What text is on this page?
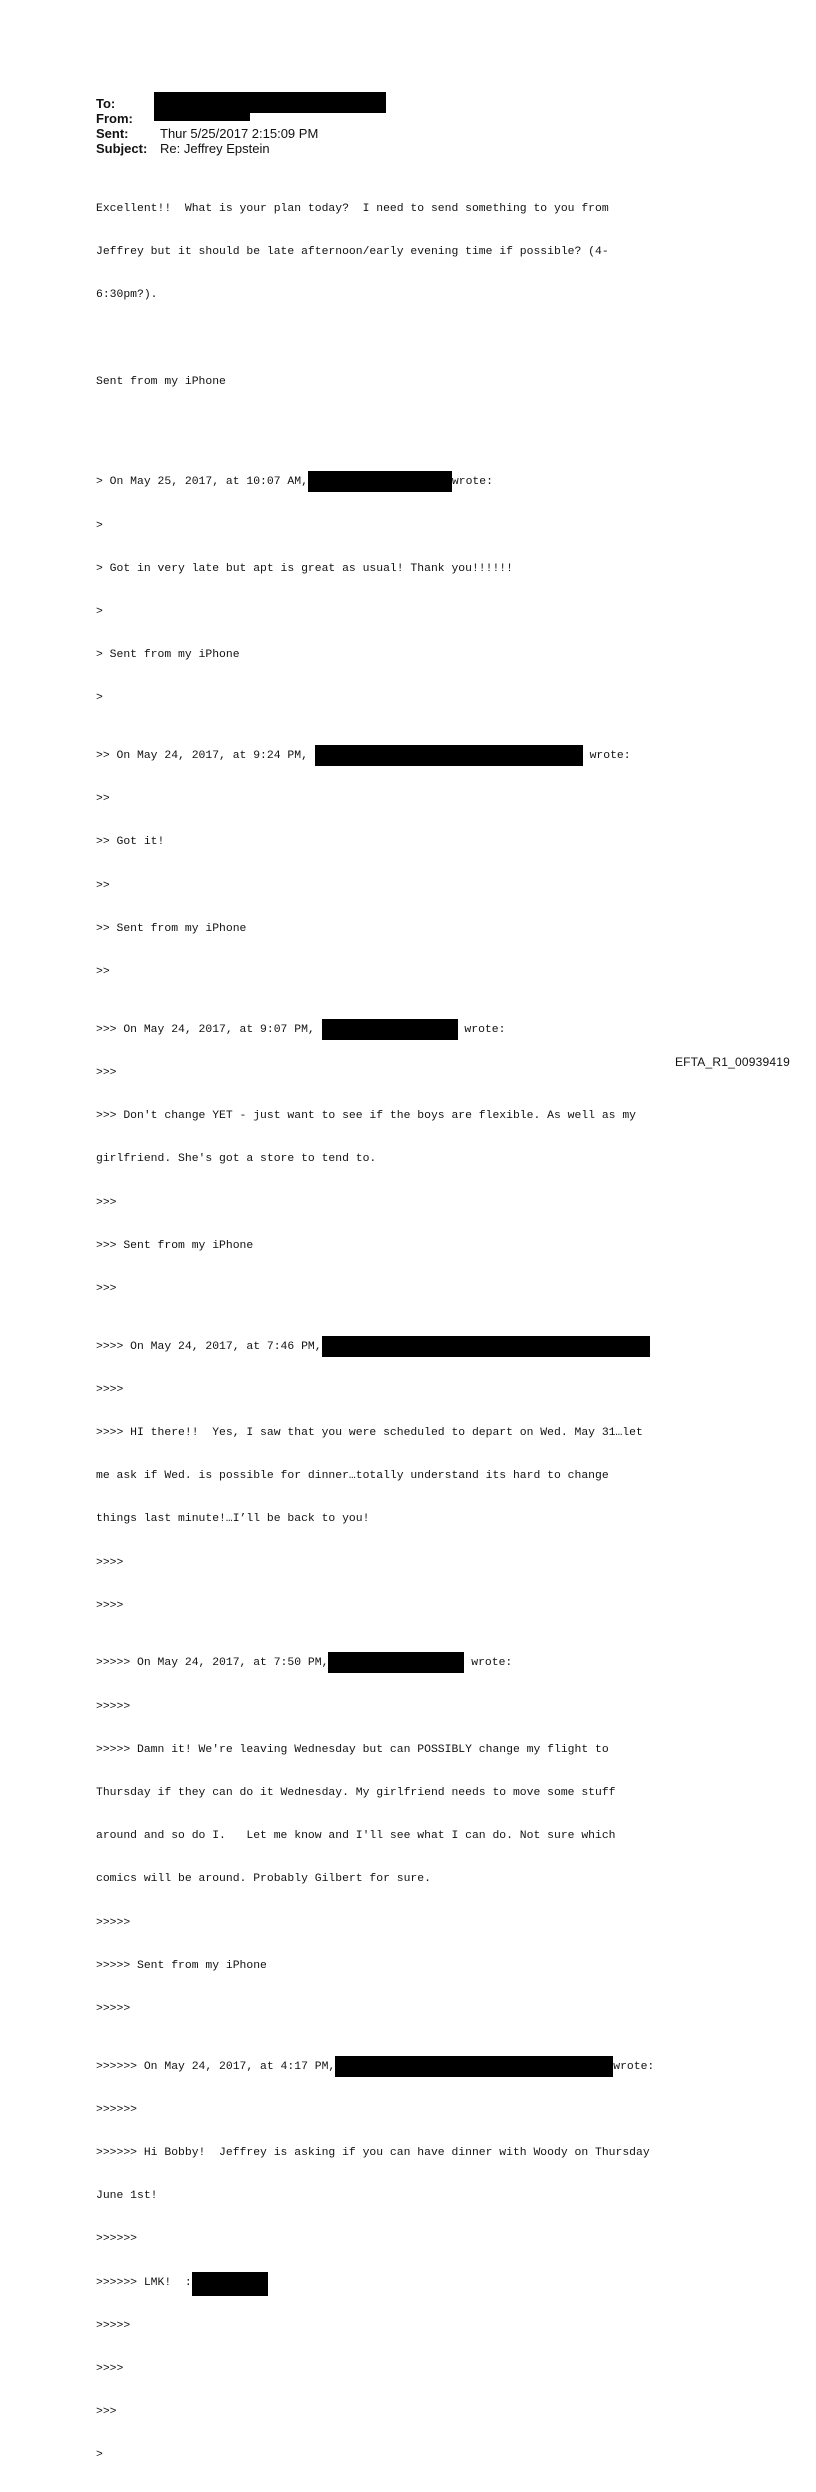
To:
From:
Sent: Thur 5/25/2017 2:15:09 PM
Subject: Re: Jeffrey Epstein

Excellent!!  What is your plan today?  I need to send something to you from

Jeffrey but it should be late afternoon/early evening time if possible? (4-

6:30pm?).

Sent from my iPhone

> On May 25, 2017, at 10:07 AM,	wrote:

>

> Got in very late but apt is great as usual! Thank you!!!!!!

>

> Sent from my iPhone

>

>> On May 24, 2017, at 9:24 PM,	wrote:

>>

>> Got it!

>>

>> Sent from my iPhone

>>

>>> On May 24, 2017, at 9:07 PM,	wrote:

>>>

>>> Don't change YET - just want to see if the boys are flexible. As well as my

girlfriend. She's got a store to tend to.

>>>

>>> Sent from my iPhone

>>>

>>>> On May 24, 2017, at 7:46 PM,

>>>>

>>>> HI there!!  Yes, I saw that you were scheduled to depart on Wed. May 31…let

me ask if Wed. is possible for dinner…totally understand its hard to change

things last minute!…I’ll be back to you!

>>>>

>>>>

>>>>> On May 24, 2017, at 7:50 PM,	wrote:

>>>>>

>>>>> Damn it! We're leaving Wednesday but can POSSIBLY change my flight to

Thursday if they can do it Wednesday. My girlfriend needs to move some stuff

around and so do I.   Let me know and I'll see what I can do. Not sure which

comics will be around. Probably Gilbert for sure.

>>>>>

>>>>> Sent from my iPhone

>>>>>

>>>>>> On May 24, 2017, at 4:17 PM,	wrote:

>>>>>>

>>>>>> Hi Bobby!  Jeffrey is asking if you can have dinner with Woody on Thursday

June 1st!

>>>>>>

>>>>>> LMK!  :

>>>>>

>>>>

>>>

>

EFTA_R1_00939419
